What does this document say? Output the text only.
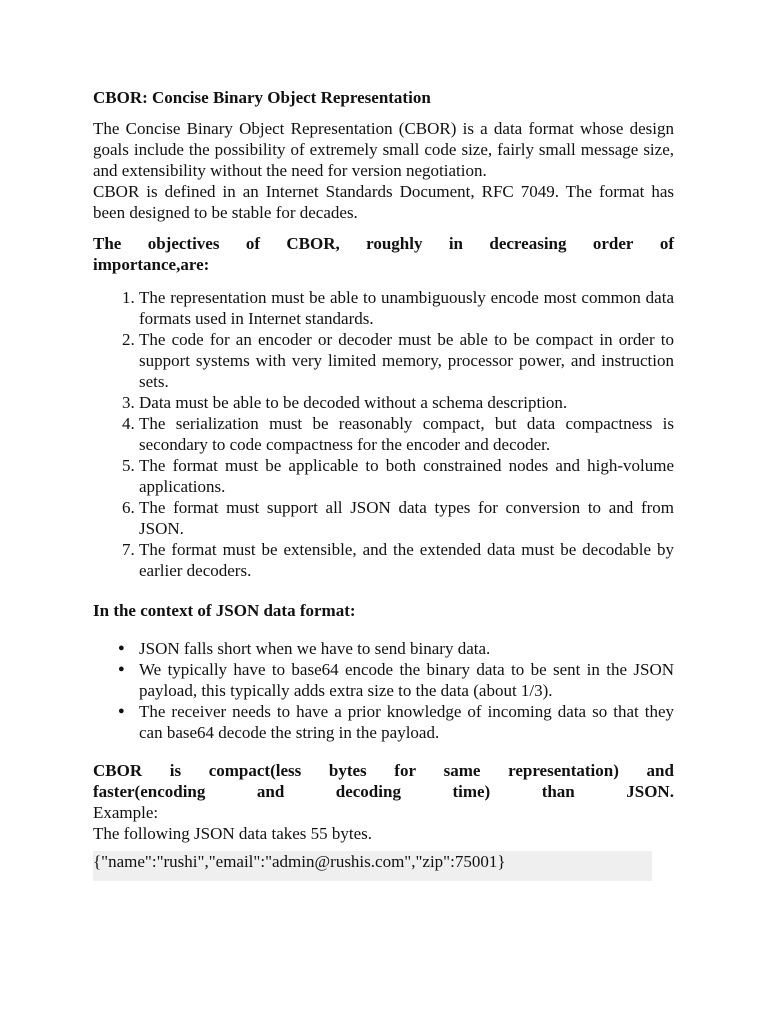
CBOR: Concise Binary Object Representation

The Concise Binary Object Representation (CBOR) is a data format whose design goals include the possibility of extremely small code size, fairly small message size, and extensibility without the need for version negotiation.

CBOR is defined in an Internet Standards Document, RFC 7049. The format has been designed to be stable for decades.

The objectives of CBOR, roughly in decreasing order of
importance,are:
1. The representation must be able to unambiguously encode most common data formats used in Internet standards.
2. The code for an encoder or decoder must be able to be compact in order to support systems with very limited memory, processor power, and instruction sets.
3. Data must be able to be decoded without a schema description.
4. The serialization must be reasonably compact, but data compactness is secondary to code compactness for the encoder and decoder.
5. The format must be applicable to both constrained nodes and high-volume applications.
6. The format must support all JSON data types for conversion to and from JSON.
7. The format must be extensible, and the extended data must be decodable by earlier decoders.
In the context of JSON data format:
● JSON falls short when we have to send binary data.
● We typically have to base64 encode the binary data to be sent in the JSON payload, this typically adds extra size to the data (about 1/3).
● The receiver needs to have a prior knowledge of incoming data so that they can base64 decode the string in the payload.
CBOR is compact(less bytes for same representation) and
faster(encoding	and	decoding	time)	than	JSON.
Example:
The following JSON data takes 55 bytes.
{"name":"rushi","email":"admin@rushis.com","zip":75001}
